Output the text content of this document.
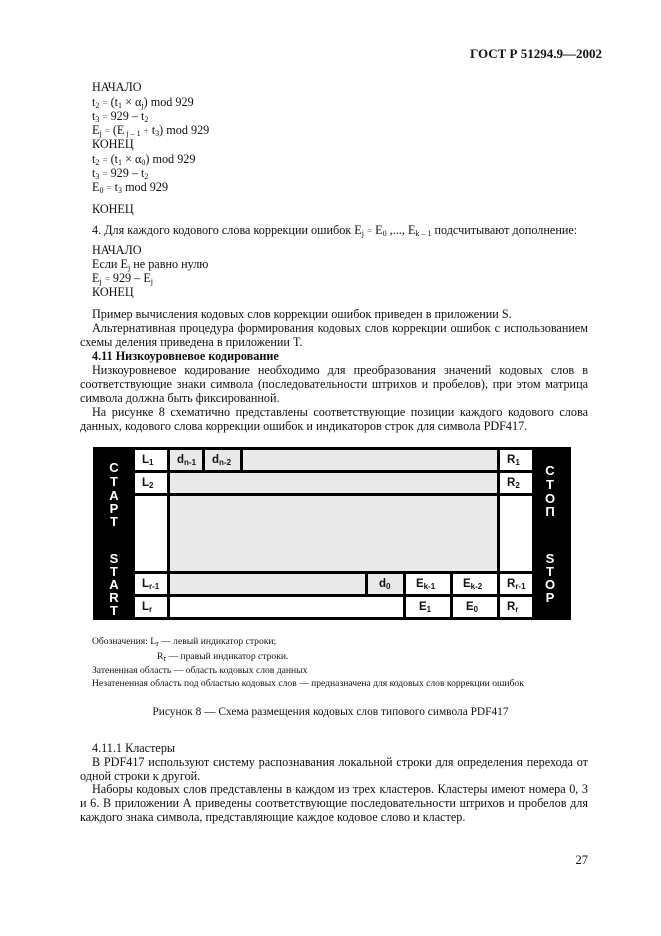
ГОСТ Р 51294.9—2002
НАЧАЛО
$t_2 = (t_1 \times \alpha_j)$ mod 929
$t_3 = 929 - t_2$
$E_j = (E$ $_{j - 1} + t_3$) mod 929
КОНЕЦ
$t_2 = (t_1 \times \alpha_0)$ mod 929
$t_3 = 929 - t_2$
$E_0 = t_3$ mod 929
КОНЕЦ
4. Для каждого кодового слова коррекции ошибок $E_j = E_0$ ,..., $E_{k - 1}$ подсчитывают дополнение:
НАЧАЛО
Если $E_j$ не равно нулю
$E_j = 929 - E_j$
КОНЕЦ
Пример вычисления кодовых слов коррекции ошибок приведен в приложении S.
Альтернативная процедура формирования кодовых слов коррекции ошибок с использованием схемы деления приведена в приложении T.
4.11 Низкоуровневое кодирование
Низкоуровневое кодирование необходимо для преобразования значений кодовых слов в соответствующие знаки символа (последовательности штрихов и пробелов), при этом матрица символа должна быть фиксированной.
На рисунке 8 схематично представлены соответствующие позиции каждого кодового слова данных, кодового слова коррекции ошибок и индикаторов строк для символа PDF417.
С
Т
А
Р
Т
S
T
A
R
T
С
Т
О
П
S
T
O
P
$L_1$ $d_{n-1}$ $d_{n-2}$	$R_1$
$L_2$	$R_2$
$L_{r-1}$	$d_0$ $E_{k-1}$ $E_{k-2}$ $R_{r-1}$
$L_r$	$E_1$	$E_0$	$R_r$
Обозначения: $L_r$ — левый индикатор строки;
$R_r$ — правый индикатор строки.
Затененная область — область кодовых слов данных
Незатененная область под областью кодовых слов — предназначена для кодовых слов коррекции ошибок
Рисунок 8 — Схема размещения кодовых слов типового символа PDF417
4.11.1 Кластеры
В PDF417 используют систему распознавания локальной строки для определения перехода от одной строки к другой.
Наборы кодовых слов представлены в каждом из трех кластеров. Кластеры имеют номера 0, 3 и 6. В приложении А приведены соответствующие последовательности штрихов и пробелов для каждого знака символа, представляющие каждое кодовое слово и кластер.
27
